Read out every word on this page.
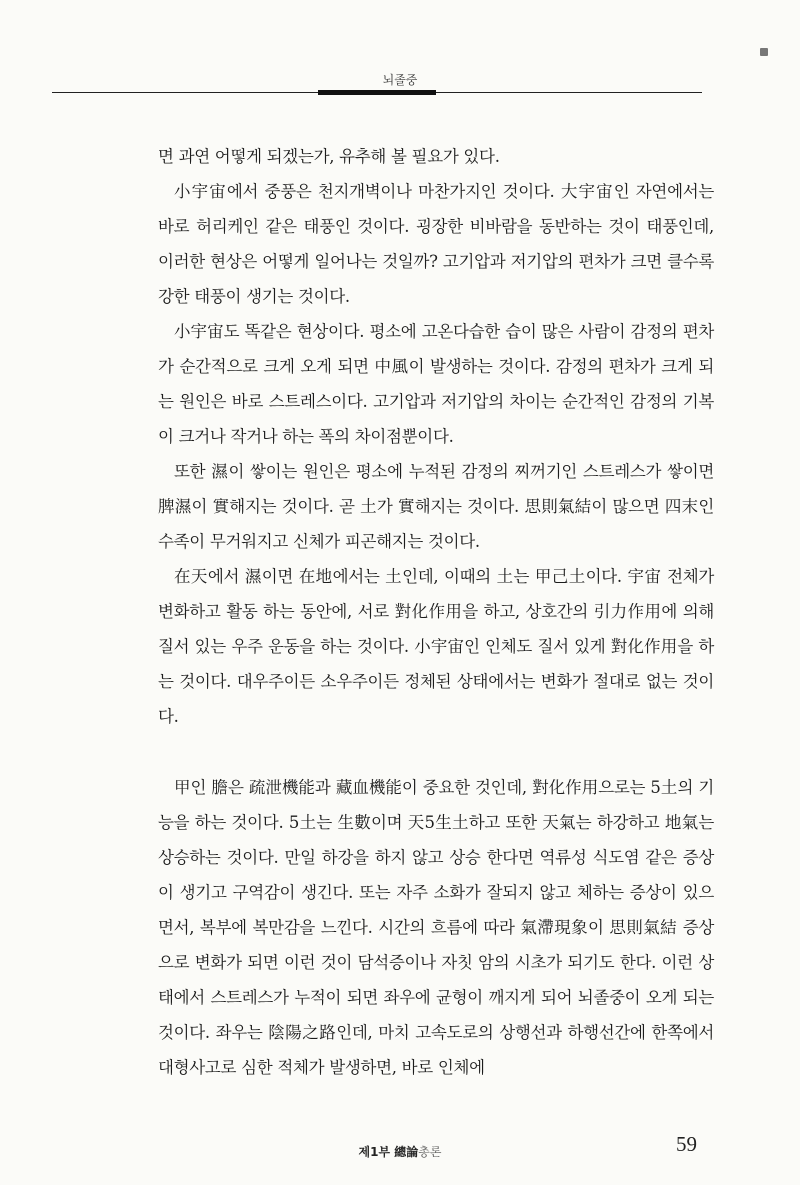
뇌졸중

면 과연 어떻게 되겠는가, 유추해 볼 필요가 있다.

小宇宙에서 중풍은 천지개벽이나 마찬가지인 것이다. 大宇宙인 자연에서는 바로 허리케인 같은 태풍인 것이다. 굉장한 비바람을 동반하는 것이 태풍인데, 이러한 현상은 어떻게 일어나는 것일까? 고기압과 저기압의 편차가 크면 클수록 강한 태풍이 생기는 것이다.

小宇宙도 똑같은 현상이다. 평소에 고온다습한 습이 많은 사람이 감정의 편차가 순간적으로 크게 오게 되면 中風이 발생하는 것이다. 감정의 편차가 크게 되는 원인은 바로 스트레스이다. 고기압과 저기압의 차이는 순간적인 감정의 기복이 크거나 작거나 하는 폭의 차이점뿐이다.

또한 濕이 쌓이는 원인은 평소에 누적된 감정의 찌꺼기인 스트레스가 쌓이면 脾濕이 實해지는 것이다. 곧 土가 實해지는 것이다. 思則氣結이 많으면 四末인 수족이 무거워지고 신체가 피곤해지는 것이다.

在天에서 濕이면 在地에서는 土인데, 이때의 土는 甲己土이다. 宇宙 전체가 변화하고 활동 하는 동안에, 서로 對化作用을 하고, 상호간의 引力作用에 의해 질서 있는 우주 운동을 하는 것이다. 小宇宙인 인체도 질서 있게 對化作用을 하는 것이다. 대우주이든 소우주이든 정체된 상태에서는 변화가 절대로 없는 것이다.

甲인 膽은 疏泄機能과 藏血機能이 중요한 것인데, 對化作用으로는 5土의 기능을 하는 것이다. 5土는 生數이며 天5生土하고 또한 天氣는 하강하고 地氣는 상승하는 것이다. 만일 하강을 하지 않고 상승 한다면 역류성 식도염 같은 증상이 생기고 구역감이 생긴다. 또는 자주 소화가 잘되지 않고 체하는 증상이 있으면서, 복부에 복만감을 느낀다. 시간의 흐름에 따라 氣滯現象이 思則氣結 증상으로 변화가 되면 이런 것이 담석증이나 자칫 암의 시초가 되기도 한다. 이런 상태에서 스트레스가 누적이 되면 좌우에 균형이 깨지게 되어 뇌졸중이 오게 되는 것이다. 좌우는 陰陽之路인데, 마치 고속도로의 상행선과 하행선간에 한쪽에서 대형사고로 심한 적체가 발생하면, 바로 인체에

제1부 總論총론	59
